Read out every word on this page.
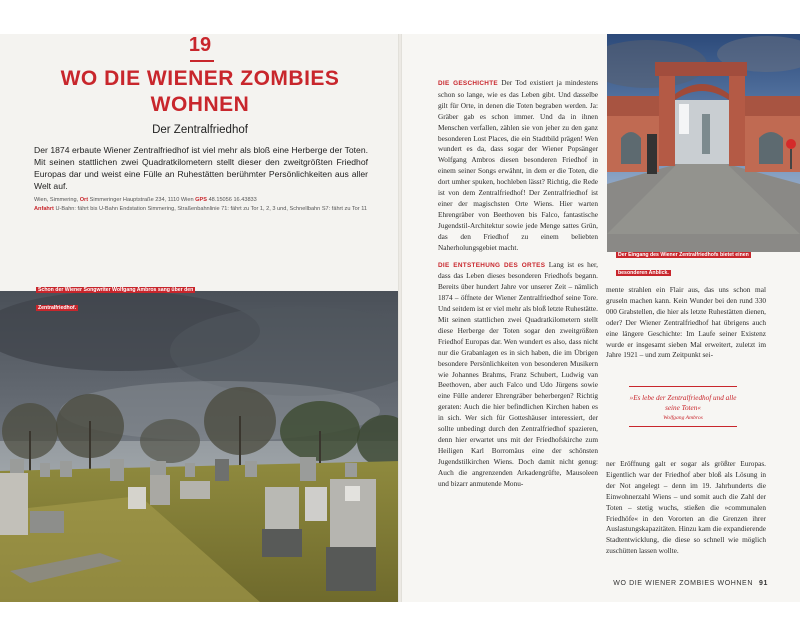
19
WO DIE WIENER ZOMBIES WOHNEN
Der Zentralfriedhof
Der 1874 erbaute Wiener Zentralfriedhof ist viel mehr als bloß eine Herberge der Toten. Mit seinen stattlichen zwei Quadratkilometern stellt dieser den zweitgrößten Friedhof Europas dar und weist eine Fülle an Ruhestätten berühmter Persönlichkeiten aus aller Welt auf.
Wien, Simmering, Ort Simmeringer Hauptstraße 234, 1110 Wien GPS 48.15056 16.43833
Anfahrt U-Bahn: fährt bis U-Bahn Endstation Simmering, Straßenbahnlinie 71: fährt zu Tor 1, 2, 3 und, Schnellbahn S7: fährt zu Tor 11
Schon der Wiener Songwriter Wolfgang Ambros sang über den Zentralfriedhof.
Der Eingang des Wiener Zentralfriedhofs bietet einen besonderen Anblick.

DIE GESCHICHTE Der Tod existiert ja mindestens schon so lange, wie es das Leben gibt. Und dasselbe gilt für Orte, in denen die Toten begraben werden. Ja: Gräber gab es schon immer. Und da in ihnen Menschen verfallen, zählen sie von jeher zu den ganz besonderen Lost Places, die ein Stadtbild prägen! Wen wundert es da, dass sogar der Wiener Popsänger Wolfgang Ambros diesen besonderen Friedhof in einem seiner Songs erwähnt, in dem er die Toten, die dort umher spuken, hochleben lässt? Richtig, die Rede ist von dem Zentralfriedhof! Der Zentralfriedhof ist einer der magischsten Orte Wiens. Hier warten Ehrengräber von Beethoven bis Falco, fantastische Jugendstil-Architektur sowie jede Menge sattes Grün, das den Friedhof zu einem beliebten Naherholungsgebiet macht.

DIE ENTSTEHUNG DES ORTES Lang ist es her, dass das Leben dieses besonderen Friedhofs begann. Bereits über hundert Jahre vor unserer Zeit – nämlich 1874 – öffnete der Wiener Zentralfriedhof seine Tore. Und seitdem ist er viel mehr als bloß letzte Ruhestätte. Mit seinen stattlichen zwei Quadratkilometern stellt diese Herberge der Toten sogar den zweitgrößten Friedhof Europas dar. Wen wundert es also, dass nicht nur die Grabanlagen es in sich haben, die im Übrigen besondere Persönlichkeiten von besonderen Musikern wie Johannes Brahms, Franz Schubert, Ludwig van Beethoven, aber auch Falco und Udo Jürgens sowie eine Fülle anderer Ehrengräber beherbergen? Richtig geraten: Auch die hier befindlichen Kirchen haben es in sich. Wer sich für Gotteshäuser interessiert, der sollte unbedingt durch den Zentralfriedhof spazieren, denn hier erwartet uns mit der Friedhofskirche zum Heiligen Karl Borromäus eine der schönsten Jugendstilkirchen Wiens. Doch damit nicht genug: Auch die angrenzenden Arkadengrüfte, Mausoleen und bizarr anmutende Monu-

mente strahlen ein Flair aus, das uns schon mal gruseln machen kann. Kein Wunder bei den rund 330 000 Grabstellen, die hier als letzte Ruhestätten dienen, oder? Der Wiener Zentralfriedhof hat übrigens auch eine längere Geschichte: Im Laufe seiner Existenz wurde er insgesamt sieben Mal erweitert, zuletzt im Jahre 1921 – und zum Zeitpunkt sei-
»Es lebe der Zentralfriedhof und alle seine Toten«
Wolfgang Ambros
ner Eröffnung galt er sogar als größter Europas. Eigentlich war der Friedhof aber bloß als Lösung in der Not angelegt – denn im 19. Jahrhunderts die Einwohnerzahl Wiens – und somit auch die Zahl der Toten – stetig wuchs, stießen die »communalen Friedhöfe« in den Vororten an die Grenzen ihrer Auslastungskapazitäten. Hinzu kam die expandierende Stadtentwicklung, die diese so schnell wie möglich zuschütten lassen wollte.
WO DIE WIENER ZOMBIES WOHNEN 91
